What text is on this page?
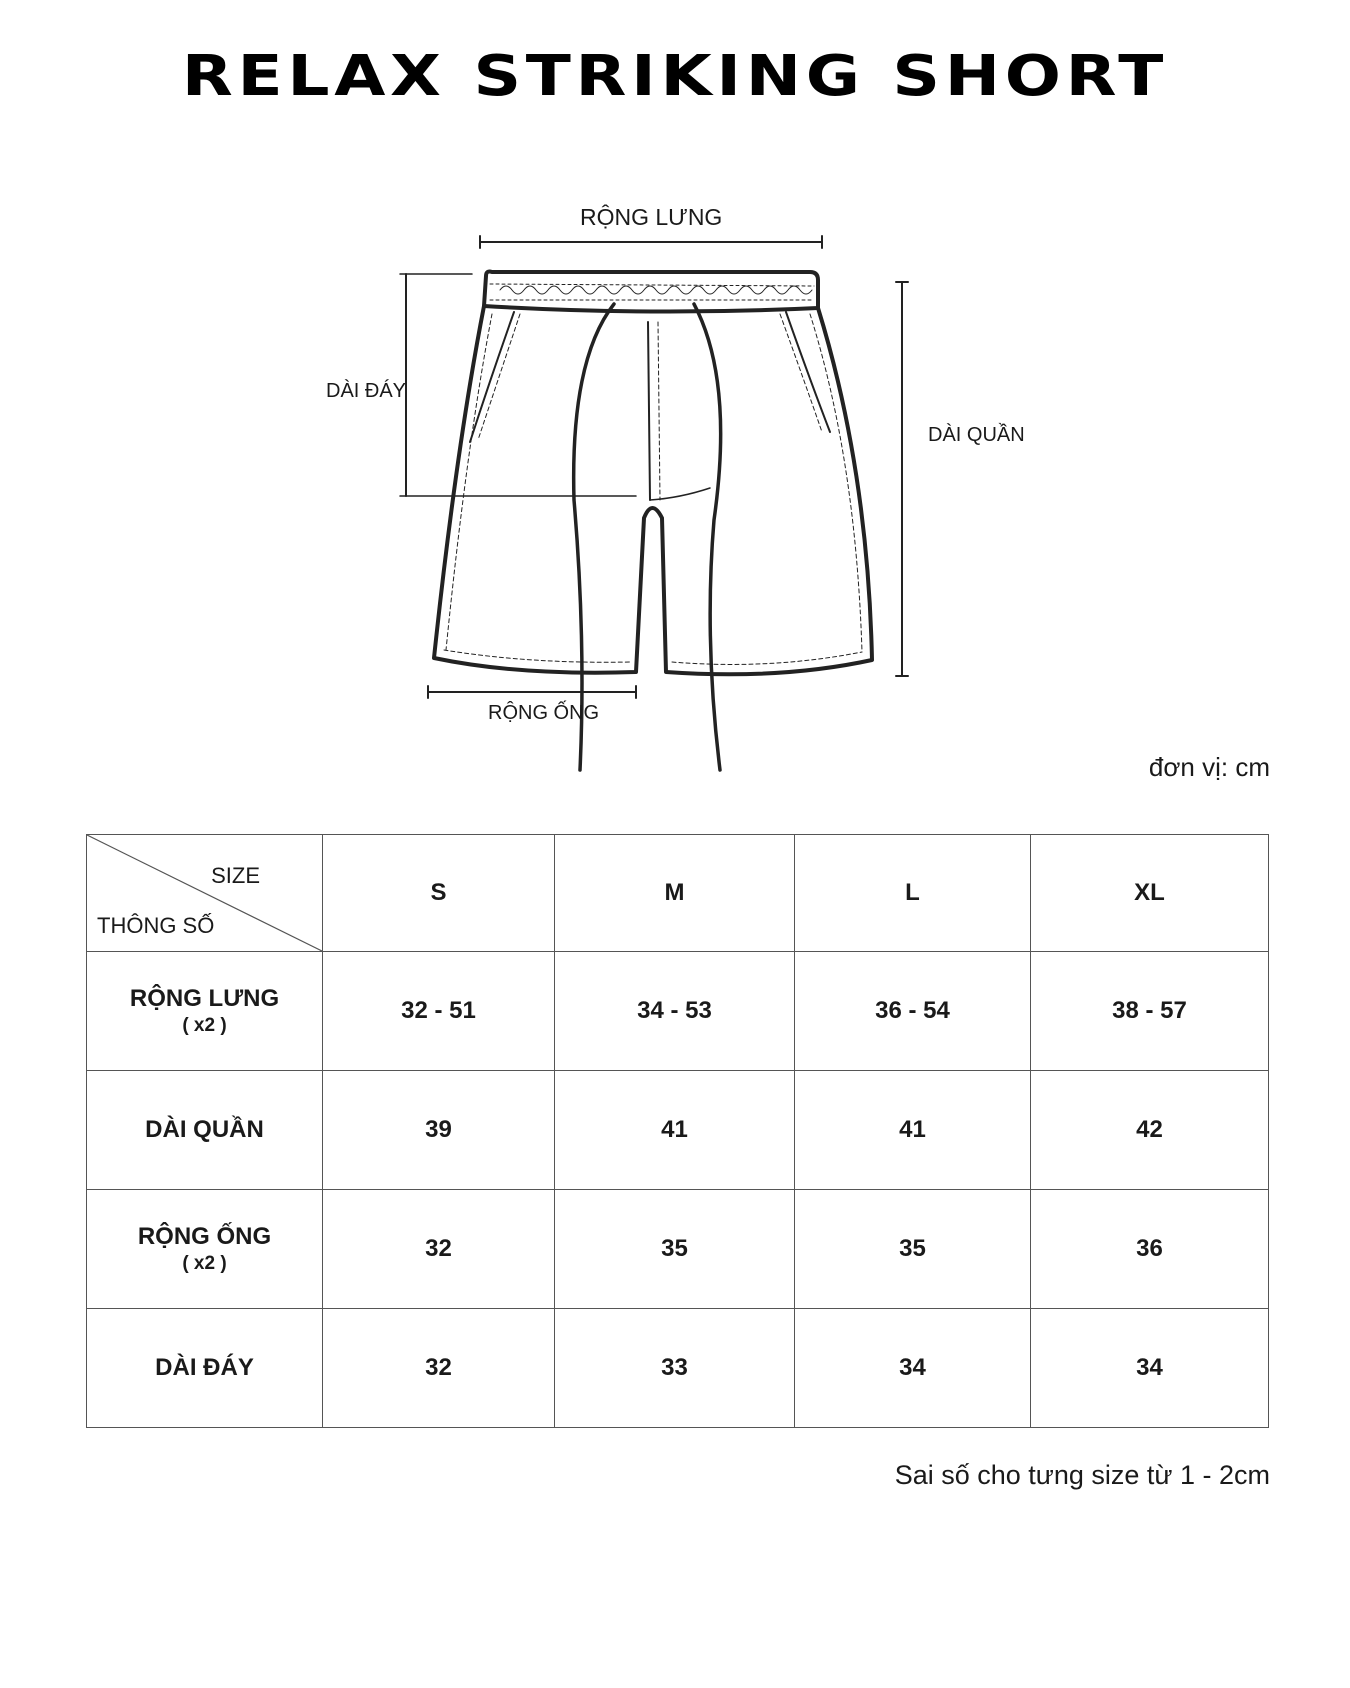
RELAX STRIKING SHORT
RỘNG LƯNG
DÀI ĐÁY
DÀI QUẦN
RỘNG ỐNG
đơn vị: cm
SIZE
THÔNG SỐ	S	M	L	XL
RỘNG LƯNG
( x2 )	32 - 51	34 - 53	36 - 54	38 - 57
DÀI QUẦN	39	41	41	42
RỘNG ỐNG
( x2 )	32	35	35	36
DÀI ĐÁY	32	33	34	34
Sai số cho tưng size từ 1 - 2cm
